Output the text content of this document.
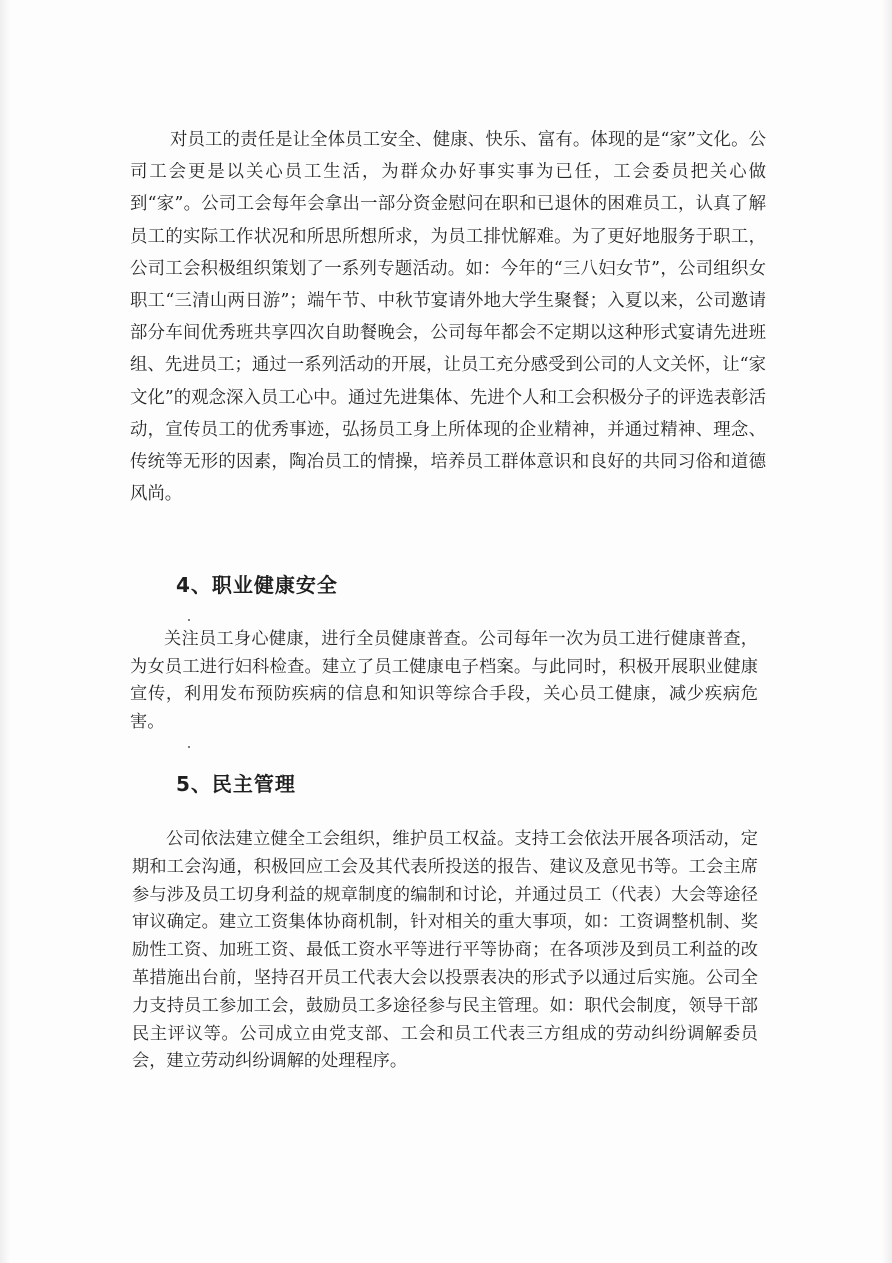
对员工的责任是让全体员工安全、健康、快乐、富有。体现的是“家”文化。公司工会更是以关心员工生活，为群众办好事实事为已任，工会委员把关心做到“家”。公司工会每年会拿出一部分资金慰问在职和已退休的困难员工，认真了解员工的实际工作状况和所思所想所求，为员工排忧解难。为了更好地服务于职工，公司工会积极组织策划了一系列专题活动。如：今年的“三八妇女节”，公司组织女职工“三清山两日游”；端午节、中秋节宴请外地大学生聚餐；入夏以来，公司邀请部分车间优秀班共享四次自助餐晚会，公司每年都会不定期以这种形式宴请先进班组、先进员工；通过一系列活动的开展，让员工充分感受到公司的人文关怀，让“家文化”的观念深入员工心中。通过先进集体、先进个人和工会积极分子的评选表彰活动，宣传员工的优秀事迹，弘扬员工身上所体现的企业精神，并通过精神、理念、传统等无形的因素，陶冶员工的情操，培养员工群体意识和良好的共同习俗和道德风尚。

4、职业健康安全

关注员工身心健康，进行全员健康普查。公司每年一次为员工进行健康普查，为女员工进行妇科检查。建立了员工健康电子档案。与此同时，积极开展职业健康宣传，利用发布预防疾病的信息和知识等综合手段，关心员工健康，减少疾病危害。

5、民主管理

公司依法建立健全工会组织，维护员工权益。支持工会依法开展各项活动，定期和工会沟通，积极回应工会及其代表所投送的报告、建议及意见书等。工会主席参与涉及员工切身利益的规章制度的编制和讨论，并通过员工（代表）大会等途径审议确定。建立工资集体协商机制，针对相关的重大事项，如：工资调整机制、奖励性工资、加班工资、最低工资水平等进行平等协商；在各项涉及到员工利益的改革措施出台前，坚持召开员工代表大会以投票表决的形式予以通过后实施。公司全力支持员工参加工会，鼓励员工多途径参与民主管理。如：职代会制度，领导干部民主评议等。公司成立由党支部、工会和员工代表三方组成的劳动纠纷调解委员会，建立劳动纠纷调解的处理程序。
